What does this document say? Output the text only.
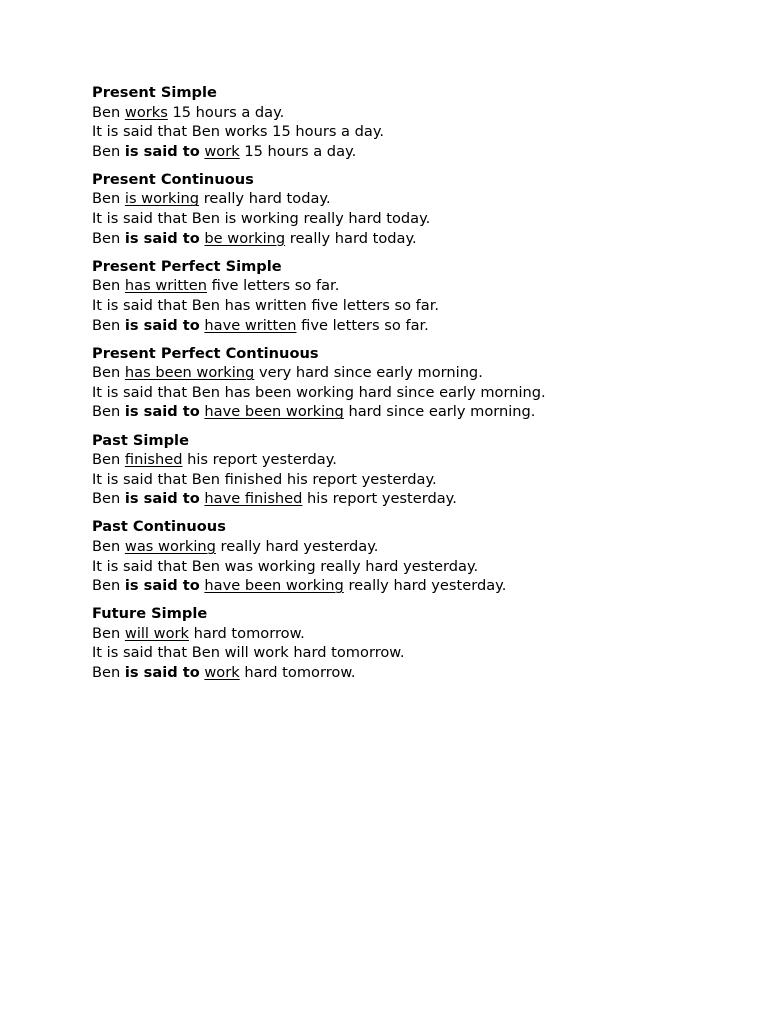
Present Simple
Ben works 15 hours a day.
It is said that Ben works 15 hours a day.
Ben is said to work 15 hours a day.
Present Continuous
Ben is working really hard today.
It is said that Ben is working really hard today.
Ben is said to be working really hard today.
Present Perfect Simple
Ben has written five letters so far.
It is said that Ben has written five letters so far.
Ben is said to have written five letters so far.
Present Perfect Continuous
Ben has been working very hard since early morning.
It is said that Ben has been working hard since early morning.
Ben is said to have been working hard since early morning.
Past Simple
Ben finished his report yesterday.
It is said that Ben finished his report yesterday.
Ben is said to have finished his report yesterday.
Past Continuous
Ben was working really hard yesterday.
It is said that Ben was working really hard yesterday.
Ben is said to have been working really hard yesterday.
Future Simple
Ben will work hard tomorrow.
It is said that Ben will work hard tomorrow.
Ben is said to work hard tomorrow.
